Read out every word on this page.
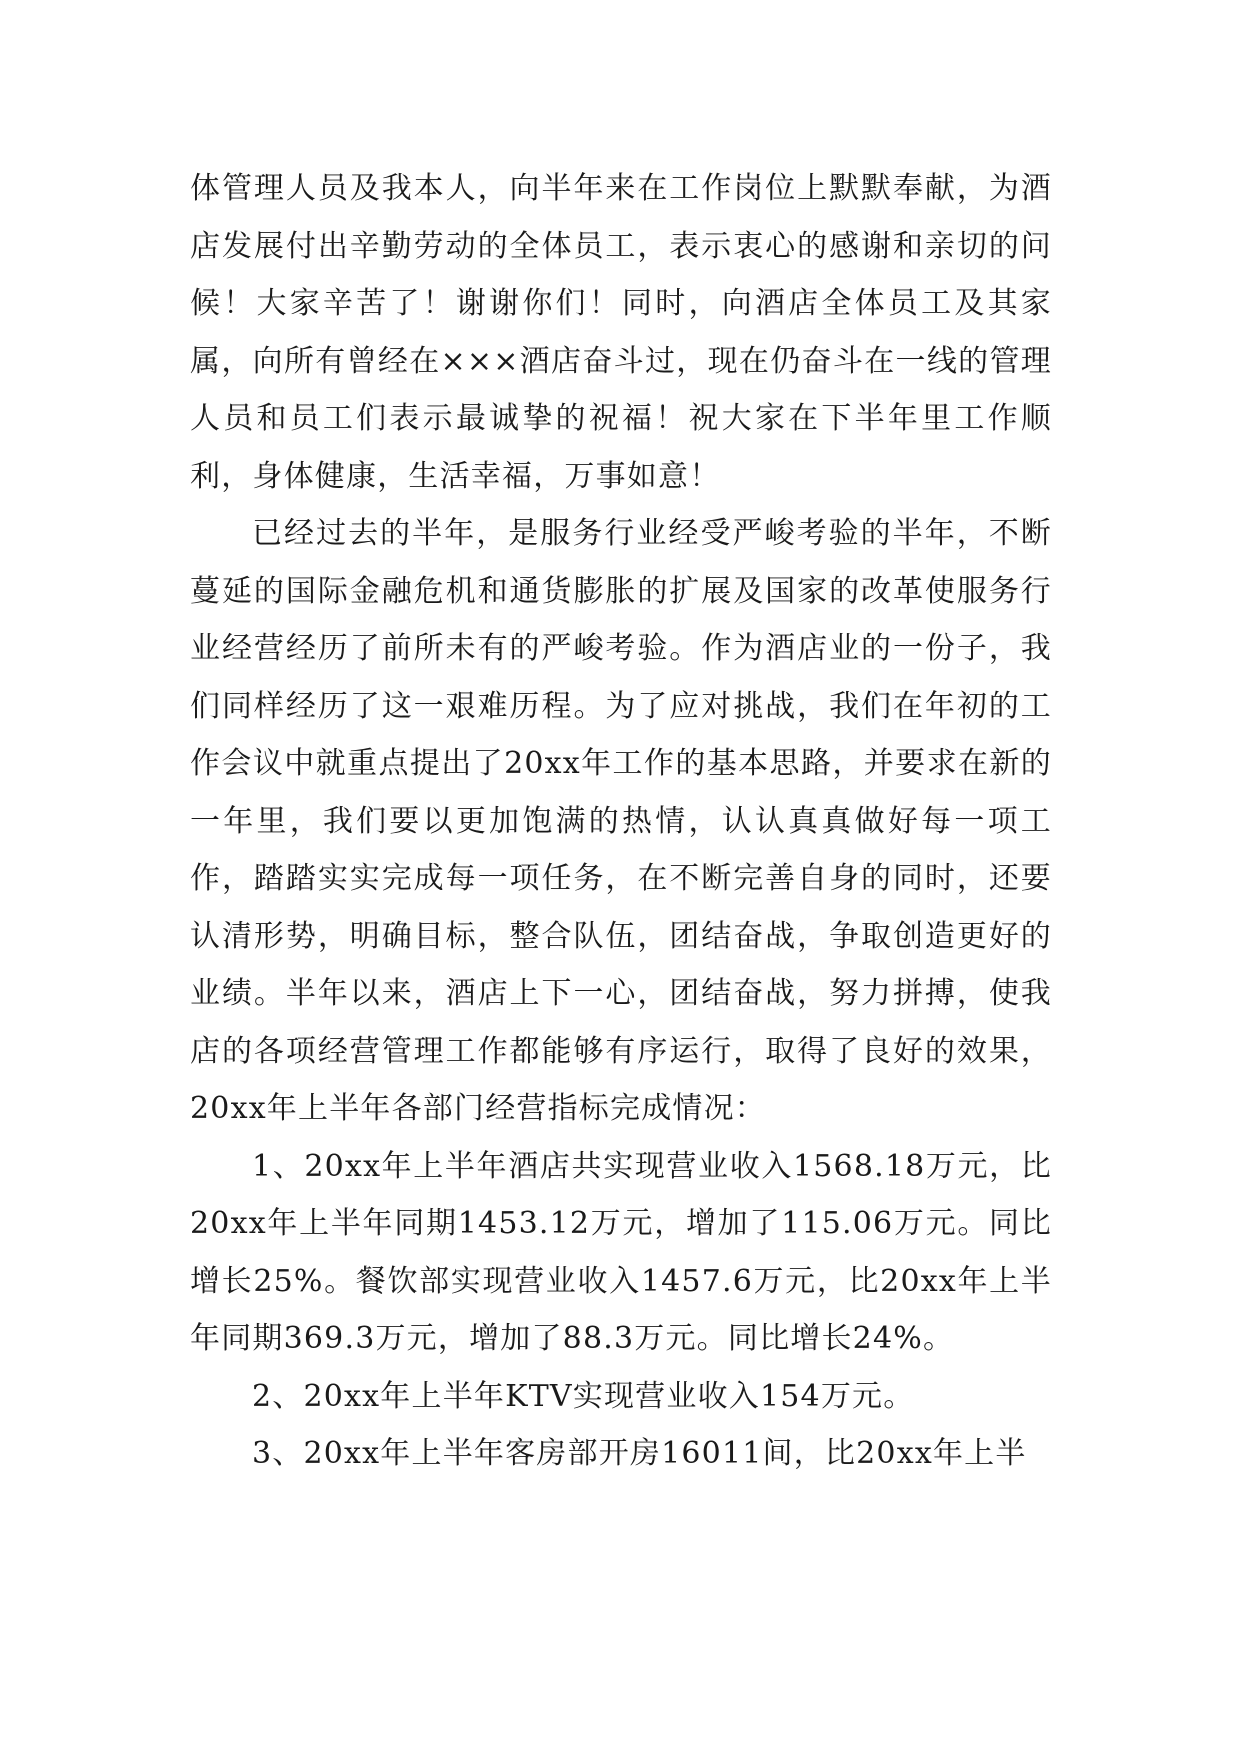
体管理人员及我本人，向半年来在工作岗位上默默奉献，为酒店发展付出辛勤劳动的全体员工，表示衷心的感谢和亲切的问候！大家辛苦了！谢谢你们！同时，向酒店全体员工及其家属，向所有曾经在×××酒店奋斗过，现在仍奋斗在一线的管理人员和员工们表示最诚挚的祝福！祝大家在下半年里工作顺利，身体健康，生活幸福，万事如意！

已经过去的半年，是服务行业经受严峻考验的半年，不断蔓延的国际金融危机和通货膨胀的扩展及国家的改革使服务行业经营经历了前所未有的严峻考验。作为酒店业的一份子，我们同样经历了这一艰难历程。为了应对挑战，我们在年初的工作会议中就重点提出了20xx年工作的基本思路，并要求在新的一年里，我们要以更加饱满的热情，认认真真做好每一项工作，踏踏实实完成每一项任务，在不断完善自身的同时，还要认清形势，明确目标，整合队伍，团结奋战，争取创造更好的业绩。半年以来，酒店上下一心，团结奋战，努力拼搏，使我店的各项经营管理工作都能够有序运行，取得了良好的效果，20xx年上半年各部门经营指标完成情况：

1、20xx年上半年酒店共实现营业收入1568.18万元，比20xx年上半年同期1453.12万元，增加了115.06万元。同比增长25%。餐饮部实现营业收入1457.6万元，比20xx年上半年同期369.3万元，增加了88.3万元。同比增长24%。

2、20xx年上半年KTV实现营业收入154万元。

3、20xx年上半年客房部开房16011间，比20xx年上半
